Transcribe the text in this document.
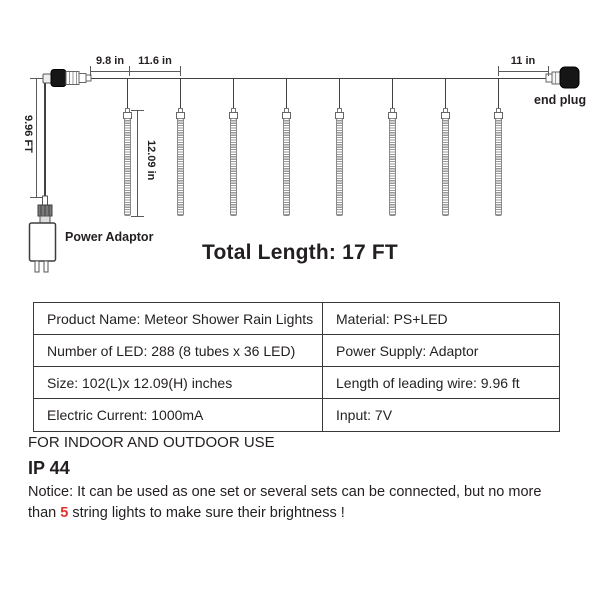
9.8 in 11.6 in	11 in
9.96 FT
12.09 in
Power Adaptor
end plug
Total Length: 17 FT
Product Name: Meteor Shower Rain Lights	Material: PS+LED
Number of LED: 288 (8 tubes x 36 LED)	Power Supply: Adaptor
Size: 102(L)x 12.09(H) inches	Length of leading wire: 9.96 ft
Electric Current: 1000mA	Input: 7V
FOR INDOOR AND OUTDOOR USE
IP 44
Notice: It can be used as one set or several sets can be connected, but no more
than 5 string lights to make sure their brightness !
